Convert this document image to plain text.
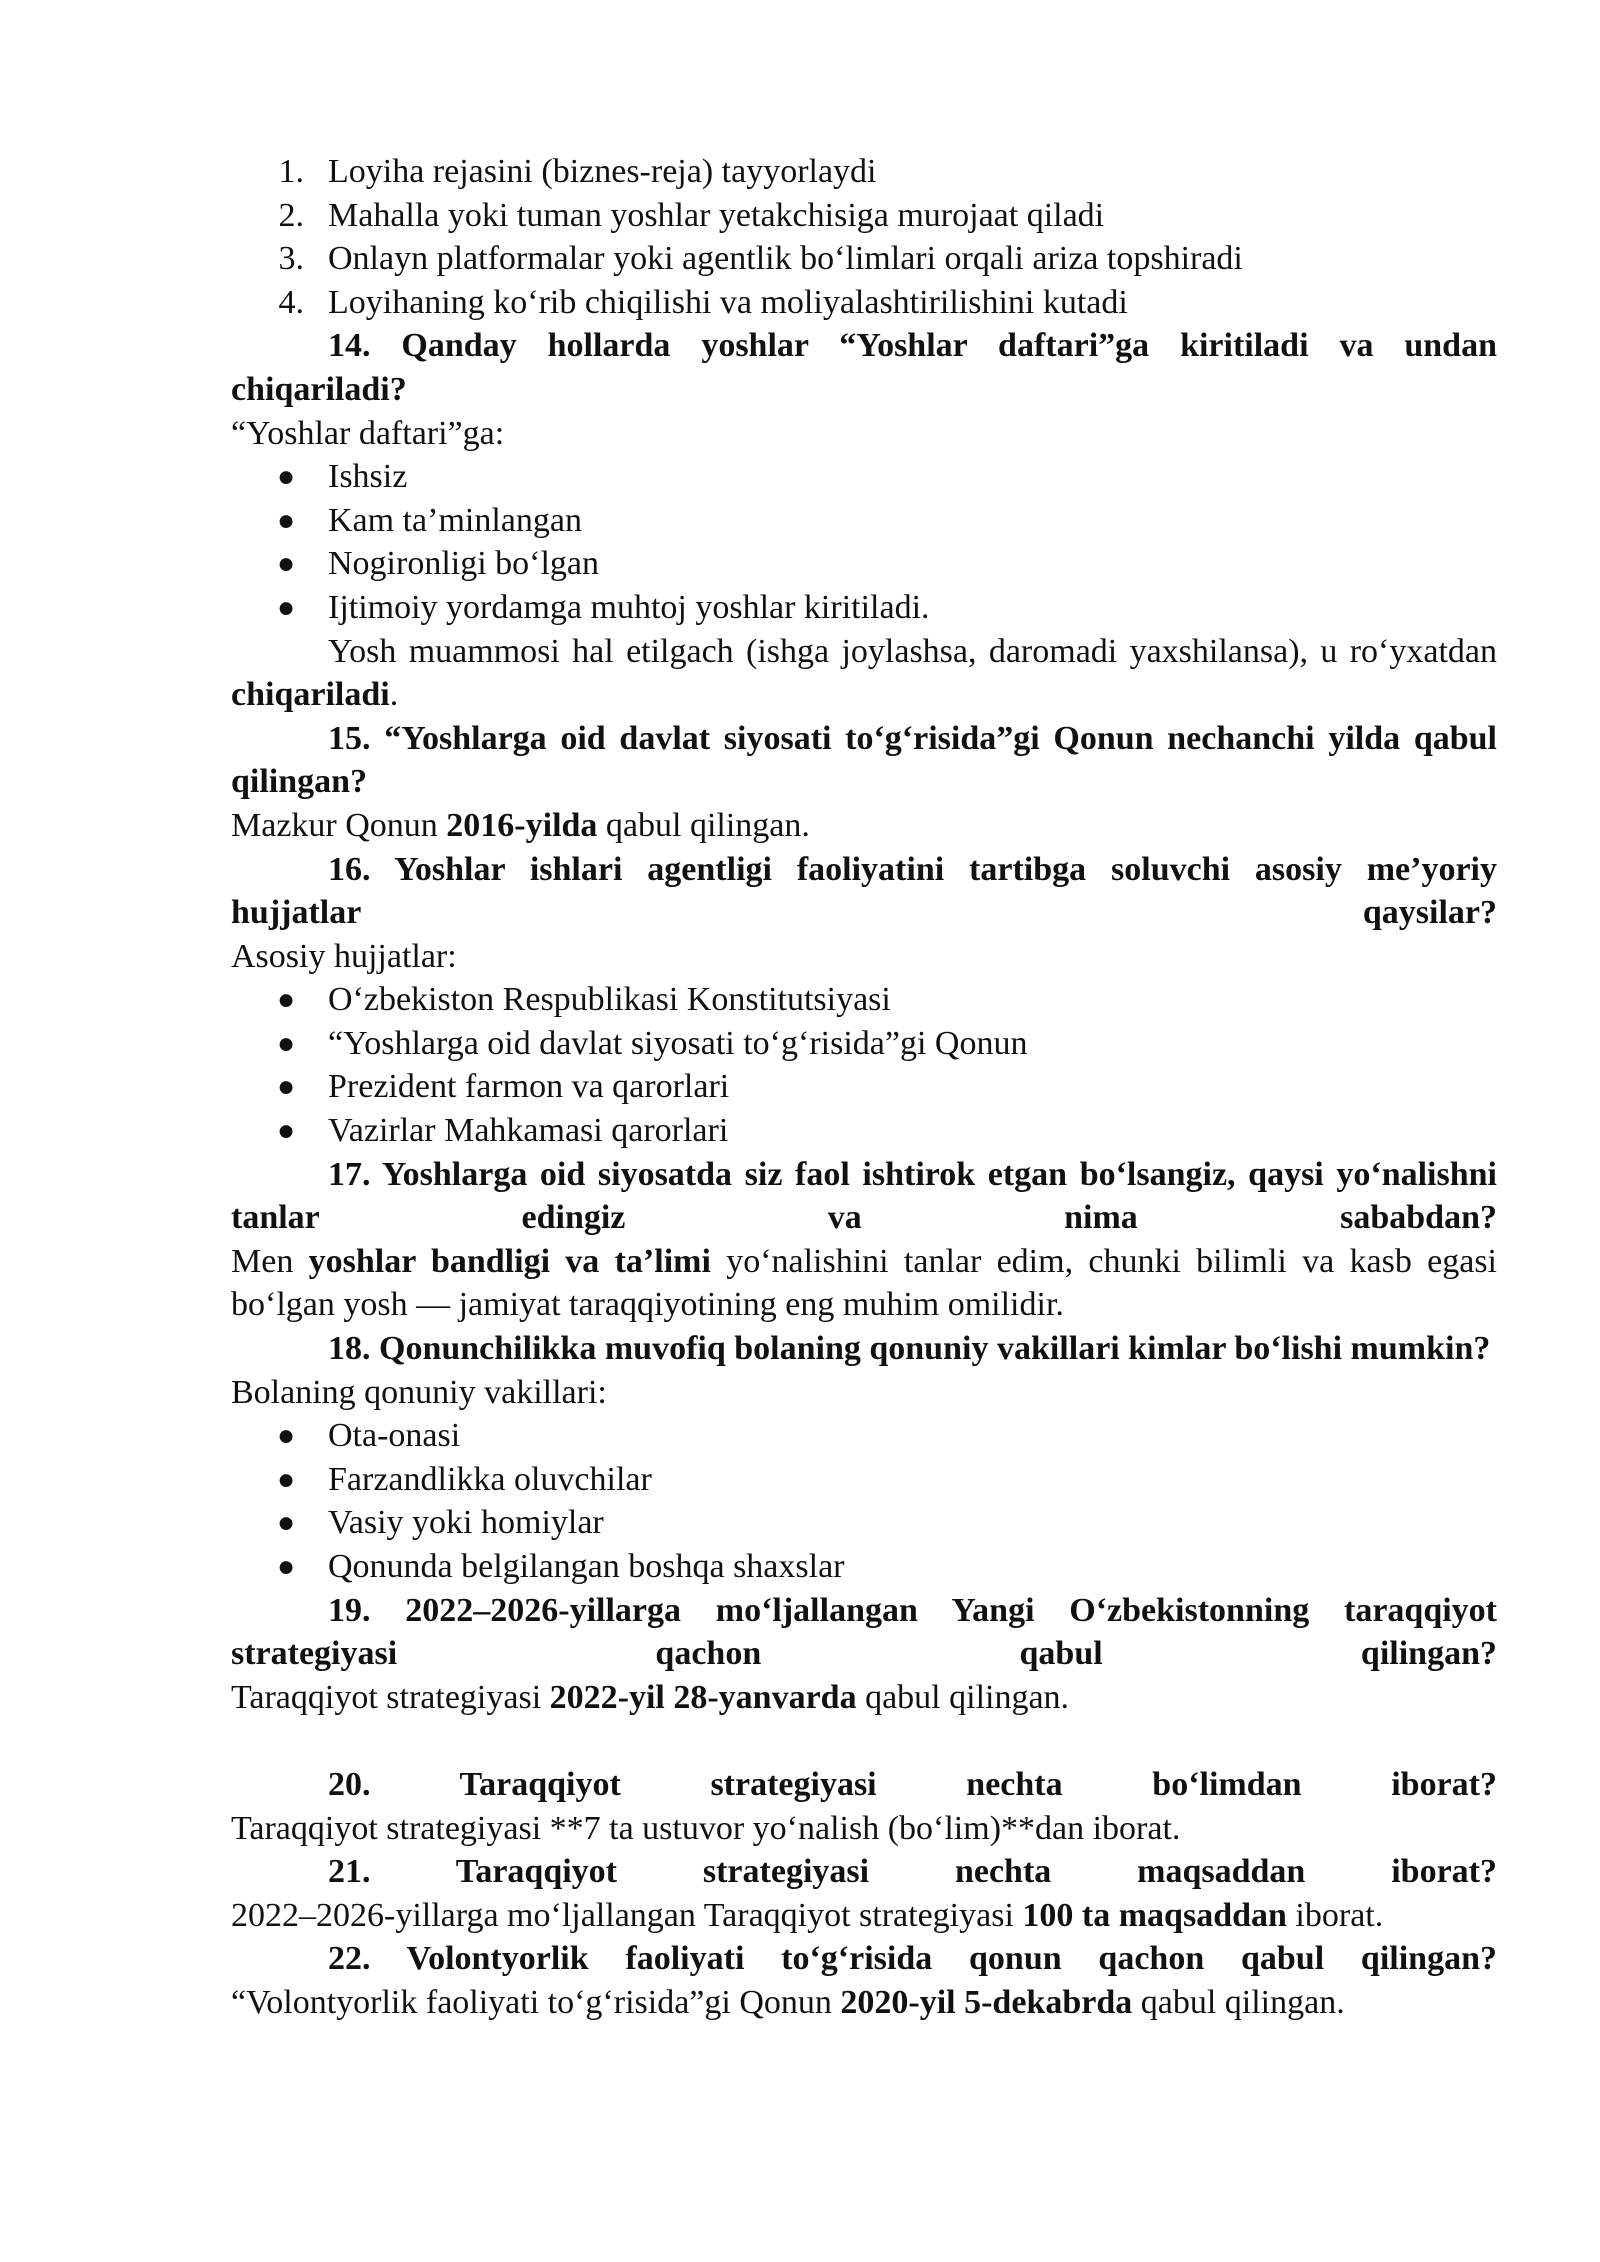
1. Loyiha rejasini (biznes-reja) tayyorlaydi
2. Mahalla yoki tuman yoshlar yetakchisiga murojaat qiladi
3. Onlayn platformalar yoki agentlik bo‘limlari orqali ariza topshiradi
4. Loyihaning ko‘rib chiqilishi va moliyalashtirilishini kutadi
14. Qanday hollarda yoshlar “Yoshlar daftari”ga kiritiladi va undan chiqariladi?
“Yoshlar daftari”ga:
● Ishsiz
● Kam ta’minlangan
● Nogironligi bo‘lgan
● Ijtimoiy yordamga muhtoj yoshlar kiritiladi.
Yosh muammosi hal etilgach (ishga joylashsa, daromadi yaxshilansa), u ro‘yxatdan chiqariladi.
15. “Yoshlarga oid davlat siyosati to‘g‘risida”gi Qonun nechanchi yilda qabul qilingan?
Mazkur Qonun 2016-yilda qabul qilingan.
16. Yoshlar ishlari agentligi faoliyatini tartibga soluvchi asosiy me’yoriy hujjatlar qaysilar?
Asosiy hujjatlar:
● O‘zbekiston Respublikasi Konstitutsiyasi
● “Yoshlarga oid davlat siyosati to‘g‘risida”gi Qonun
● Prezident farmon va qarorlari
● Vazirlar Mahkamasi qarorlari
17. Yoshlarga oid siyosatda siz faol ishtirok etgan bo‘lsangiz, qaysi yo‘nalishni tanlar edingiz va nima sababdan?
Men yoshlar bandligi va ta’limi yo‘nalishini tanlar edim, chunki bilimli va kasb egasi bo‘lgan yosh — jamiyat taraqqiyotining eng muhim omilidir.
18. Qonunchilikka muvofiq bolaning qonuniy vakillari kimlar bo‘lishi mumkin?
Bolaning qonuniy vakillari:
● Ota-onasi
● Farzandlikka oluvchilar
● Vasiy yoki homiylar
● Qonunda belgilangan boshqa shaxslar
19. 2022–2026-yillarga mo‘ljallangan Yangi O‘zbekistonning taraqqiyot strategiyasi qachon qabul qilingan?
Taraqqiyot strategiyasi 2022-yil 28-yanvarda qabul qilingan.
20. Taraqqiyot strategiyasi nechta bo‘limdan iborat?
Taraqqiyot strategiyasi **7 ta ustuvor yo‘nalish (bo‘lim)**dan iborat.
21. Taraqqiyot strategiyasi nechta maqsaddan iborat?
2022–2026-yillarga mo‘ljallangan Taraqqiyot strategiyasi 100 ta maqsaddan iborat.
22. Volontyorlik faoliyati to‘g‘risida qonun qachon qabul qilingan?
“Volontyorlik faoliyati to‘g‘risida”gi Qonun 2020-yil 5-dekabrda qabul qilingan.
